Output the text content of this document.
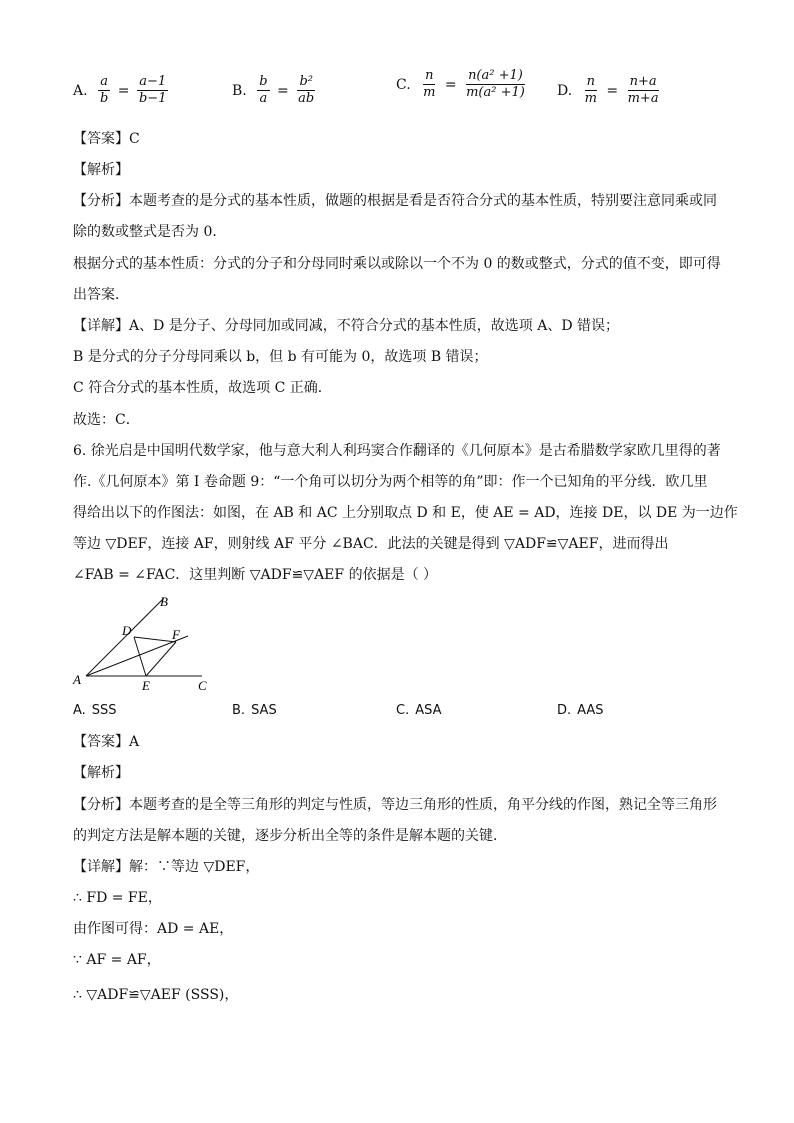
A. $\frac{a}{b} = \frac{a-1}{b-1}$	B. $\frac{b}{a} = \frac{\text{b²}}{ab}$	C. $\frac{n}{m} = \frac{\text{n(a² +1)}}{\text{m(a² +1)}} D$. $\frac{n}{m} = \frac{n+a}{m+a}$
【答案】C
【解析】
【分析】本题考查的是分式的基本性质，做题的根据是看是否符合分式的基本性质，特别要注意同乘或同
除的数或整式是否为 0．
根据分式的基本性质：分式的分子和分母同时乘以或除以一个不为 0 的数或整式，分式的值不变，即可得
出答案．
【详解】A、D 是分子、分母同加或同减，不符合分式的基本性质，故选项 A、D 错误；
B 是分式的分子分母同乘以 b，但 b 有可能为 0，故选项 B 错误；
C 符合分式的基本性质，故选项 C 正确．
故选：C．
6. 徐光启是中国明代数学家，他与意大利人利玛窦合作翻译的《几何原本》是古希腊数学家欧几里得的著
作.《几何原本》第 I 卷命题 9：“一个角可以切分为两个相等的角”即：作一个已知角的平分线．欧几里
得给出以下的作图法：如图，在 AB 和 AC 上分别取点 D 和 E，使 AE = AD，连接 DE，以 DE 为一边作
等边 ▽DEF，连接 AF，则射线 AF 平分 ∠BAC．此法的关键是得到 ▽ADF≌▽AEF，进而得出
∠FAB = ∠FAC．这里判断 ▽ADF≌▽AEF 的依据是（ ）
B
D	F
A	E	C
A. SSS	B. SAS	C. ASA	D. AAS
【答案】A
【解析】
【分析】本题考查的是全等三角形的判定与性质，等边三角形的性质，角平分线的作图，熟记全等三角形
的判定方法是解本题的关键，逐步分析出全等的条件是解本题的关键．
【详解】解：∵等边 ▽DEF，
∴ FD = FE，
由作图可得：AD = AE，
∵ AF = AF，
∴ ▽ADF≌▽AEF (SSS)，
